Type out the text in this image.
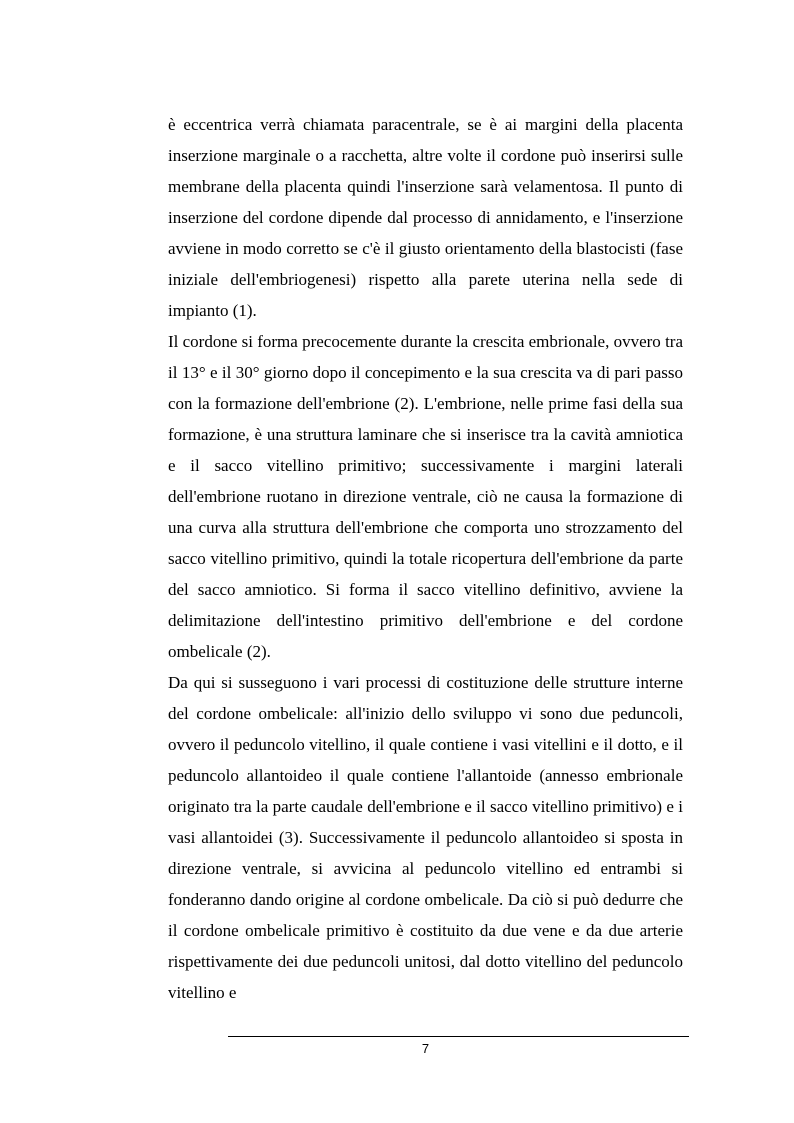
è eccentrica verrà chiamata paracentrale, se è ai margini della placenta inserzione marginale o a racchetta, altre volte il cordone può inserirsi sulle membrane della placenta quindi l'inserzione sarà velamentosa. Il punto di inserzione del cordone dipende dal processo di annidamento, e l'inserzione avviene in modo corretto se c'è il giusto orientamento della blastocisti (fase iniziale dell'embriogenesi) rispetto alla parete uterina nella sede di impianto (1).

Il cordone si forma precocemente durante la crescita embrionale, ovvero tra il 13° e il 30° giorno dopo il concepimento e la sua crescita va di pari passo con la formazione dell'embrione (2). L'embrione, nelle prime fasi della sua formazione, è una struttura laminare che si inserisce tra la cavità amniotica e il sacco vitellino primitivo; successivamente i margini laterali dell'embrione ruotano in direzione ventrale, ciò ne causa la formazione di una curva alla struttura dell'embrione che comporta uno strozzamento del sacco vitellino primitivo, quindi la totale ricopertura dell'embrione da parte del sacco amniotico. Si forma il sacco vitellino definitivo, avviene la delimitazione dell'intestino primitivo dell'embrione e del cordone ombelicale (2).

Da qui si susseguono i vari processi di costituzione delle strutture interne del cordone ombelicale: all'inizio dello sviluppo vi sono due peduncoli, ovvero il peduncolo vitellino, il quale contiene i vasi vitellini e il dotto, e il peduncolo allantoideo il quale contiene l'allantoide (annesso embrionale originato tra la parte caudale dell'embrione e il sacco vitellino primitivo) e i vasi allantoidei (3). Successivamente il peduncolo allantoideo si sposta in direzione ventrale, si avvicina al peduncolo vitellino ed entrambi si fonderanno dando origine al cordone ombelicale. Da ciò si può dedurre che il cordone ombelicale primitivo è costituito da due vene e da due arterie rispettivamente dei due peduncoli unitosi, dal dotto vitellino del peduncolo vitellino e

7
